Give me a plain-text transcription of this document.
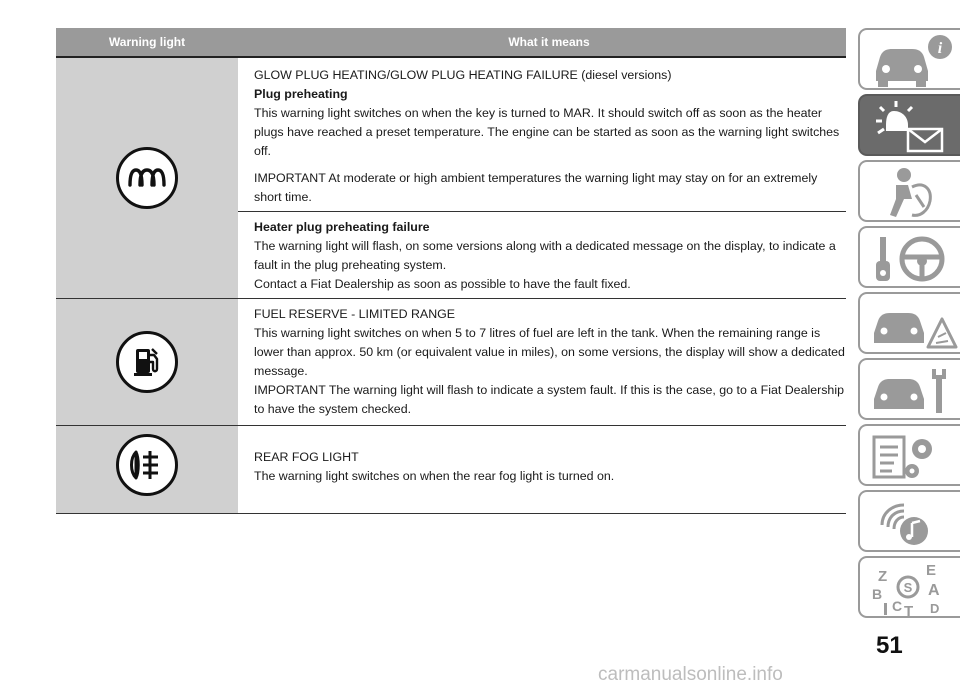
Warning light	What it means
GLOW PLUG HEATING/GLOW PLUG HEATING FAILURE (diesel versions)
Plug preheating
This warning light switches on when the key is turned to MAR. It should switch off as soon as the heater plugs have reached a preset temperature. The engine can be started as soon as the warning light switches off.
IMPORTANT At moderate or high ambient temperatures the warning light may stay on for an extremely short time.
Heater plug preheating failure
The warning light will flash, on some versions along with a dedicated message on the display, to indicate a fault in the plug preheating system.
Contact a Fiat Dealership as soon as possible to have the fault fixed.
FUEL RESERVE - LIMITED RANGE
This warning light switches on when 5 to 7 litres of fuel are left in the tank. When the remaining range is lower than approx. 50 km (or equivalent value in miles), on some versions, the display will show a dedicated message.
IMPORTANT The warning light will flash to indicate a system fault. If this is the case, go to a Fiat Dealership to have the system checked.
REAR FOG LIGHT
The warning light switches on when the rear fog light is turned on.
i
Z	E
S A
B
C D
T
51
carmanualsonline.info
